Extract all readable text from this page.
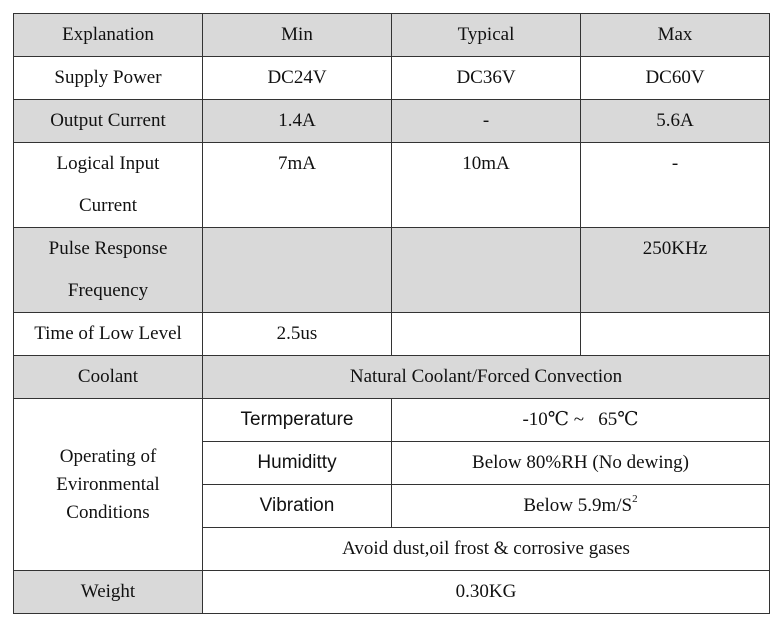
Explanation	Min	Typical	Max
Supply Power	DC24V	DC36V	DC60V
Output Current	1.4A	-	5.6A

Logical Input
Current	7mA	10mA	-

Pulse Response
Frequency			250KHz
Time of Low Level	2.5us		
Coolant	Natural Coolant/Forced Convection		

Operating of
Evironmental
Conditions	Termperature	-10℃ ~   65℃	
	Humiditty	Below 80%RH (No dewing)	
	Vibration	Below $5.9m/S^2$
	Avoid dust,oil frost & corrosive gases		
Weight	0.30KG		
